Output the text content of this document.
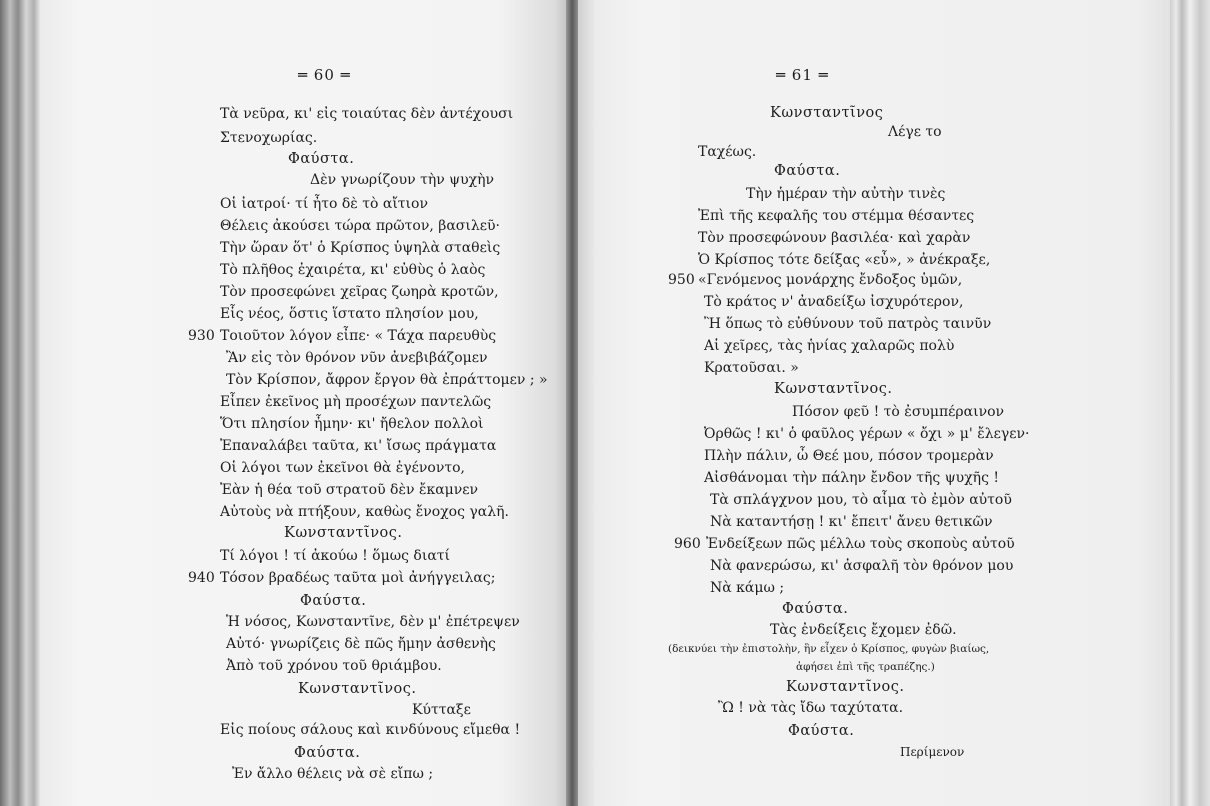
═ 60 ═
Τὰ νεῦρα, κι' εἰς τοιαύτας δὲν ἀντέχουσι
Στενοχωρίας.
Φαύστα.
Δὲν γνωρίζουν τὴν ψυχὴν
Οἱ ἰατροί· τί ἦτο δὲ τὸ αἴτιον
Θέλεις ἀκούσει τώρα πρῶτον, βασιλεῦ·
Τὴν ὥραν ὅτ' ὁ Κρίσπος ὑψηλὰ σταθεὶς
Τὸ πλῆθος ἐχαιρέτα, κι' εὐθὺς ὁ λαὸς
Τὸν προσεφώνει χεῖρας ζωηρὰ κροτῶν,
Εἷς νέος, ὅστις ἵστατο πλησίον μου,
930 Τοιοῦτον λόγον εἶπε· « Τάχα παρευθὺς
Ἂν εἰς τὸν θρόνον νῦν ἀνεβιβάζομεν
Τὸν Κρίσπον, ἄφρον ἔργον θὰ ἐπράττομεν ; »
Εἶπεν ἐκεῖνος μὴ προσέχων παντελῶς
Ὅτι πλησίον ἦμην· κι' ἤθελον πολλοὶ
Ἐπαναλάβει ταῦτα, κι' ἴσως πράγματα
Οἱ λόγοι των ἐκεῖνοι θὰ ἐγένοντο,
Ἐὰν ἡ θέα τοῦ στρατοῦ δὲν ἔκαμνεν
Αὐτοὺς νὰ πτήξουν, καθὼς ἔνοχος γαλῆ.
Κωνσταντῖνος.
Τί λόγοι ! τί ἀκούω ! ὅμως διατί
940 Τόσον βραδέως ταῦτα μοὶ ἀνήγγειλας;
Φαύστα.
Ἡ νόσος, Κωνσταντῖνε, δὲν μ' ἐπέτρεψεν
Αὐτό· γνωρίζεις δὲ πῶς ἤμην ἀσθενὴς
Ἀπὸ τοῦ χρόνου τοῦ θριάμβου.
Κωνσταντῖνος.
Κύτταξε
Εἰς ποίους σάλους καὶ κινδύνους εἴμεθα !
Φαύστα.
Ἐν ἄλλο θέλεις νὰ σὲ εἴπω ;
═ 61 ═
Κωνσταντῖνος
Λέγε το
Ταχέως.
Φαύστα.
Τὴν ἡμέραν τὴν αὐτὴν τινὲς
Ἐπὶ τῆς κεφαλῆς του στέμμα θέσαντες
Τὸν προσεφώνουν βασιλέα· καὶ χαρὰν
Ὁ Κρίσπος τότε δείξας «εὖ», » ἀνέκραξε,
950 «Γενόμενος μονάρχης ἔνδοξος ὑμῶν,
Τὸ κράτος ν' ἀναδείξω ἰσχυρότερον,
Ἢ ὅπως τὸ εὐθύνουν τοῦ πατρὸς ταινῦν
Αἱ χεῖρες, τὰς ἡνίας χαλαρῶς πολὺ
Κρατοῦσαι. »
Κωνσταντῖνος.
Πόσον φεῦ ! τὸ ἐσυμπέραινον
Ὀρθῶς ! κι' ὁ φαῦλος γέρων « ὄχι » μ' ἔλεγεν·
Πλὴν πάλιν, ὦ Θεέ μου, πόσον τρομερὰν
Αἰσθάνομαι τὴν πάλην ἔνδον τῆς ψυχῆς !
Τὰ σπλάγχνον μου, τὸ αἷμα τὸ ἐμὸν αὐτοῦ
Νὰ καταντήσῃ ! κι' ἔπειτ' ἄνευ θετικῶν
960 Ἐνδείξεων πῶς μέλλω τοὺς σκοποὺς αὐτοῦ
Νὰ φανερώσω, κι' ἀσφαλῆ τὸν θρόνον μου
Νὰ κάμω ;
Φαύστα.
Τὰς ἐνδείξεις ἔχομεν ἐδῶ.
(δεικνύει τὴν ἐπιστολὴν, ἣν εἶχεν ὁ Κρίσπος, φυγὼν βιαίως,
ἀφήσει ἐπὶ τῆς τραπέζης.)
Κωνσταντῖνος.
Ὢ ! νὰ τὰς ἴδω ταχύτατα.
Φαύστα.
Περίμενον
